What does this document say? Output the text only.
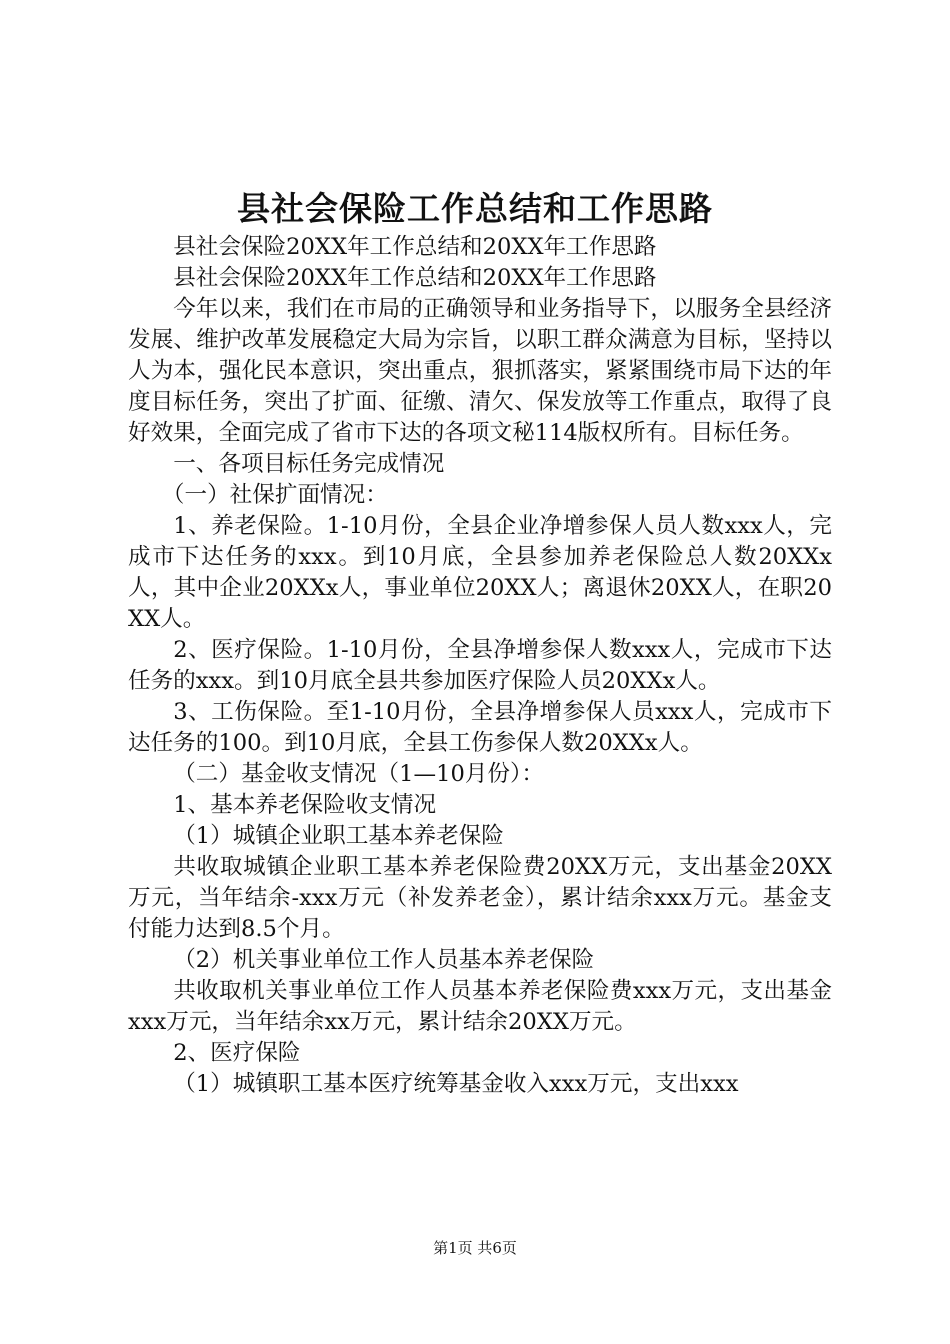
县社会保险工作总结和工作思路

县社会保险20XX年工作总结和20XX年工作思路

县社会保险20XX年工作总结和20XX年工作思路

今年以来，我们在市局的正确领导和业务指导下，以服务全县经济发展、维护改革发展稳定大局为宗旨，以职工群众满意为目标，坚持以人为本，强化民本意识，突出重点，狠抓落实，紧紧围绕市局下达的年度目标任务，突出了扩面、征缴、清欠、保发放等工作重点，取得了良好效果，全面完成了省市下达的各项文秘114版权所有。目标任务。

一、各项目标任务完成情况

（一）社保扩面情况：

1、养老保险。1-10月份，全县企业净增参保人员人数xxx人，完成市下达任务的xxx。到10月底，全县参加养老保险总人数20XXx人，其中企业20XXx人，事业单位20XX人；离退休20XX人，在职20XX人。

2、医疗保险。1-10月份，全县净增参保人数xxx人，完成市下达任务的xxx。到10月底全县共参加医疗保险人员20XXx人。

3、工伤保险。至1-10月份，全县净增参保人员xxx人，完成市下达任务的100。到10月底，全县工伤参保人数20XXx人。

（二）基金收支情况（1—10月份）：

1、基本养老保险收支情况

（1）城镇企业职工基本养老保险

共收取城镇企业职工基本养老保险费20XX万元，支出基金20XX万元，当年结余-xxx万元（补发养老金），累计结余xxx万元。基金支付能力达到8.5个月。

（2）机关事业单位工作人员基本养老保险

共收取机关事业单位工作人员基本养老保险费xxx万元，支出基金xxx万元，当年结余xx万元，累计结余20XX万元。

2、医疗保险

（1）城镇职工基本医疗统筹基金收入xxx万元，支出xxx

第1页 共6页
